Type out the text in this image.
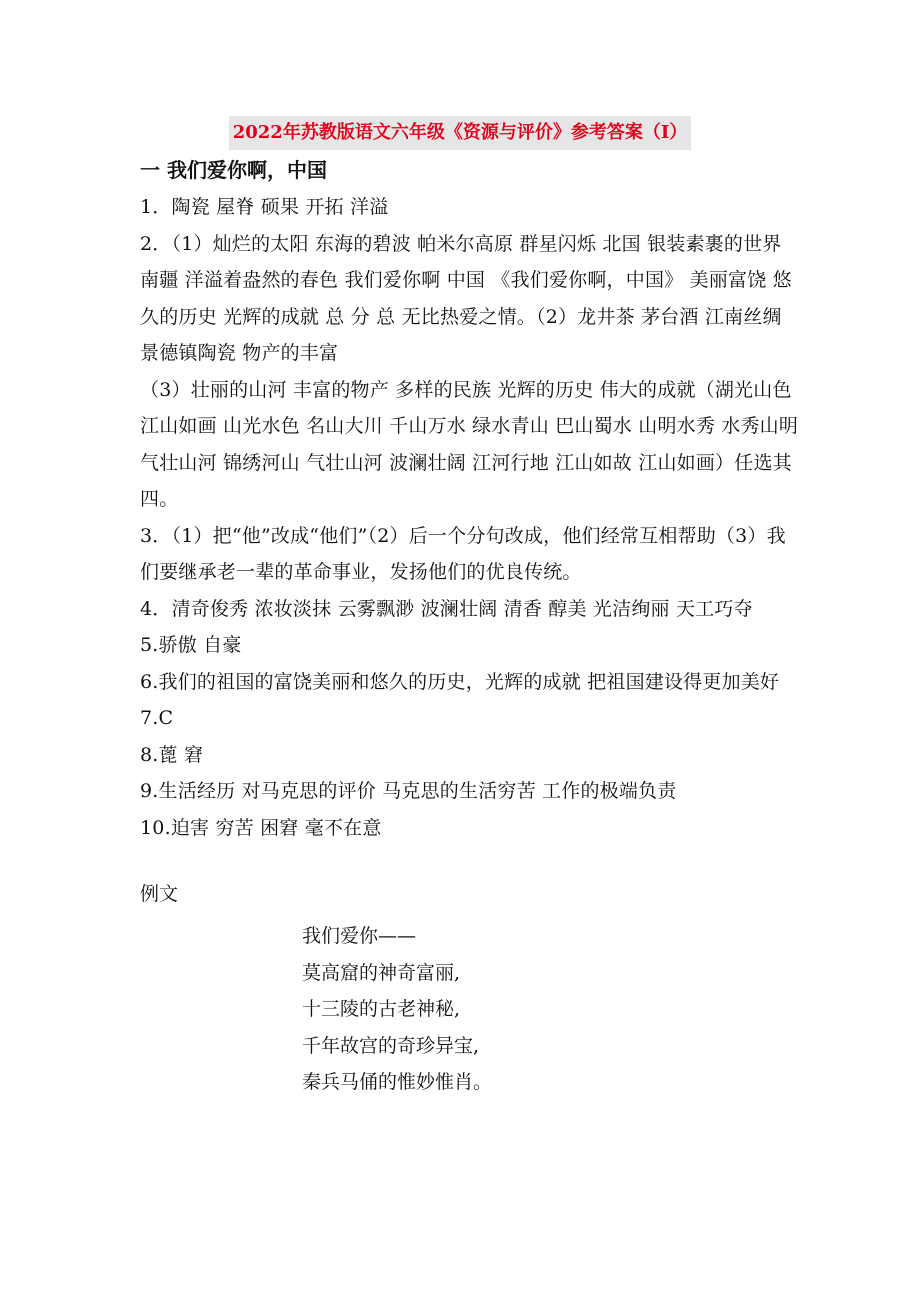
2022年苏教版语文六年级《资源与评价》参考答案（I）
一 我们爱你啊，中国

1．陶瓷 屋脊 硕果 开拓 洋溢

2．（1）灿烂的太阳 东海的碧波 帕米尔高原 群星闪烁 北国 银装素裹的世界 南疆 洋溢着盎然的春色 我们爱你啊 中国 《我们爱你啊，中国》 美丽富饶 悠久的历史 光辉的成就 总 分 总 无比热爱之情。（2）龙井茶 茅台酒 江南丝绸 景德镇陶瓷 物产的丰富

（3）壮丽的山河 丰富的物产 多样的民族 光辉的历史 伟大的成就（湖光山色 江山如画 山光水色 名山大川 千山万水 绿水青山 巴山蜀水 山明水秀 水秀山明 气壮山河 锦绣河山 气壮山河 波澜壮阔 江河行地 江山如故 江山如画）任选其四。

3．（1）把“他”改成“他们”（2）后一个分句改成，他们经常互相帮助（3）我们要继承老一辈的革命事业，发扬他们的优良传统。

4．清奇俊秀 浓妆淡抹 云雾飘渺 波澜壮阔 清香 醇美 光洁绚丽 天工巧夺

5.骄傲 自豪

6.我们的祖国的富饶美丽和悠久的历史，光辉的成就 把祖国建设得更加美好

7.C

8.蓖 窘

9.生活经历 对马克思的评价 马克思的生活穷苦 工作的极端负责

10.迫害 穷苦 困窘 毫不在意

例文
我们爱你——
莫高窟的神奇富丽,
十三陵的古老神秘,
千年故宫的奇珍异宝,
秦兵马俑的惟妙惟肖。
